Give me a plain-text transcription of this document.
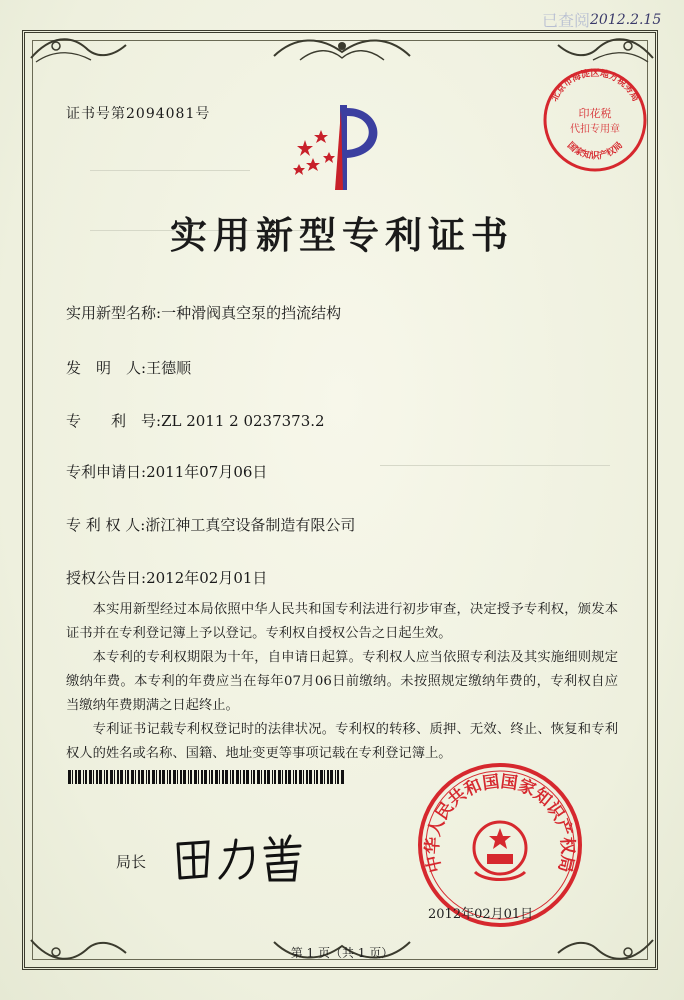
已查阅 2012.2.15
证书号第2094081号
实用新型专利证书
实用新型名称:一种滑阀真空泵的挡流结构
发　明　人:王德顺
专　　利　号:ZL 2011 2 0237373.2
专利申请日:2011年07月06日
专 利 权 人:浙江神工真空设备制造有限公司
授权公告日:2012年02月01日

本实用新型经过本局依照中华人民共和国专利法进行初步审查，决定授予专利权，颁发本证书并在专利登记簿上予以登记。专利权自授权公告之日起生效。

本专利的专利权期限为十年，自申请日起算。专利权人应当依照专利法及其实施细则规定缴纳年费。本专利的年费应当在每年07月06日前缴纳。未按照规定缴纳年费的，专利权自应当缴纳年费期满之日起终止。

专利证书记载专利权登记时的法律状况。专利权的转移、质押、无效、终止、恢复和专利权人的姓名或名称、国籍、地址变更等事项记载在专利登记簿上。

局长	中华人民共和国国家知识产权局
2012年02月01日
北京市海淀区地方税务局
印花税
代扣专用章
国家知识产权局
第 1 页（共 1 页）
